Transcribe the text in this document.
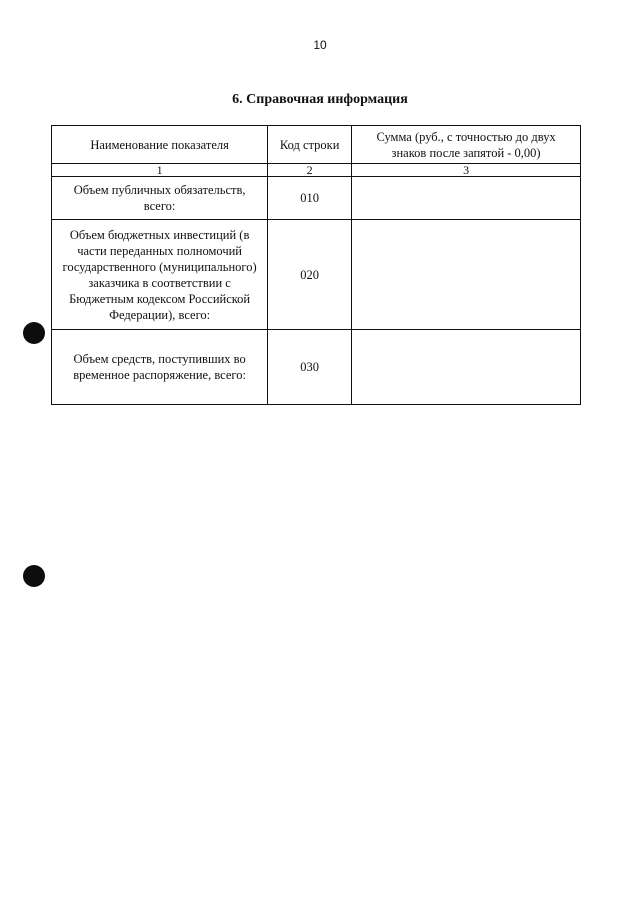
10
6. Справочная информация
Наименование показателя	Код строки	Сумма (руб., с точностью до двух знаков после запятой - 0,00)
1	2	3
Объем публичных обязательств, всего:	010	
Объем бюджетных инвестиций (в части переданных полномочий государственного (муниципального) заказчика в соответствии с Бюджетным кодексом Российской Федерации), всего:	020	
Объем средств, поступивших во временное распоряжение, всего:	030	
